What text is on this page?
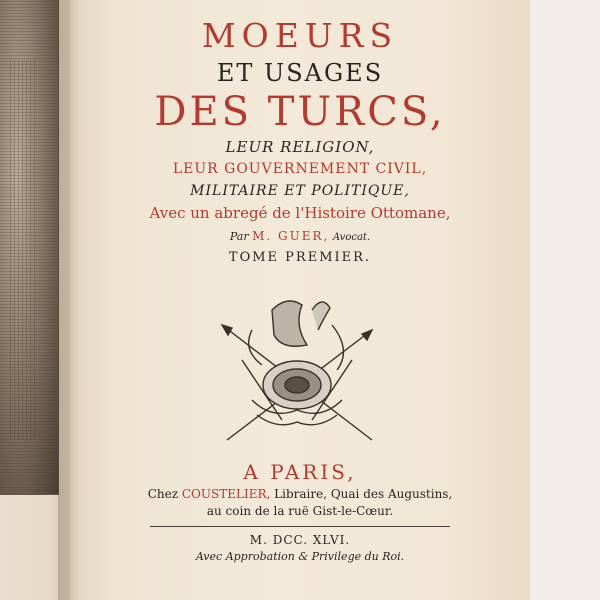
MOEURS

ET USAGES

DES TURCS,

LEUR RELIGION,

LEUR GOUVERNEMENT CIVIL,

MILITAIRE ET POLITIQUE,

Avec un abregé de l'Histoire Ottomane,

Par M. GUER, Avocat.

TOME PREMIER.

A PARIS,

Chez COUSTELIER, Libraire, Quai des Augustins,

au coin de la ruë Gist-le-Cœur.

M. DCC. XLVI.

Avec Approbation & Privilege du Roi.
